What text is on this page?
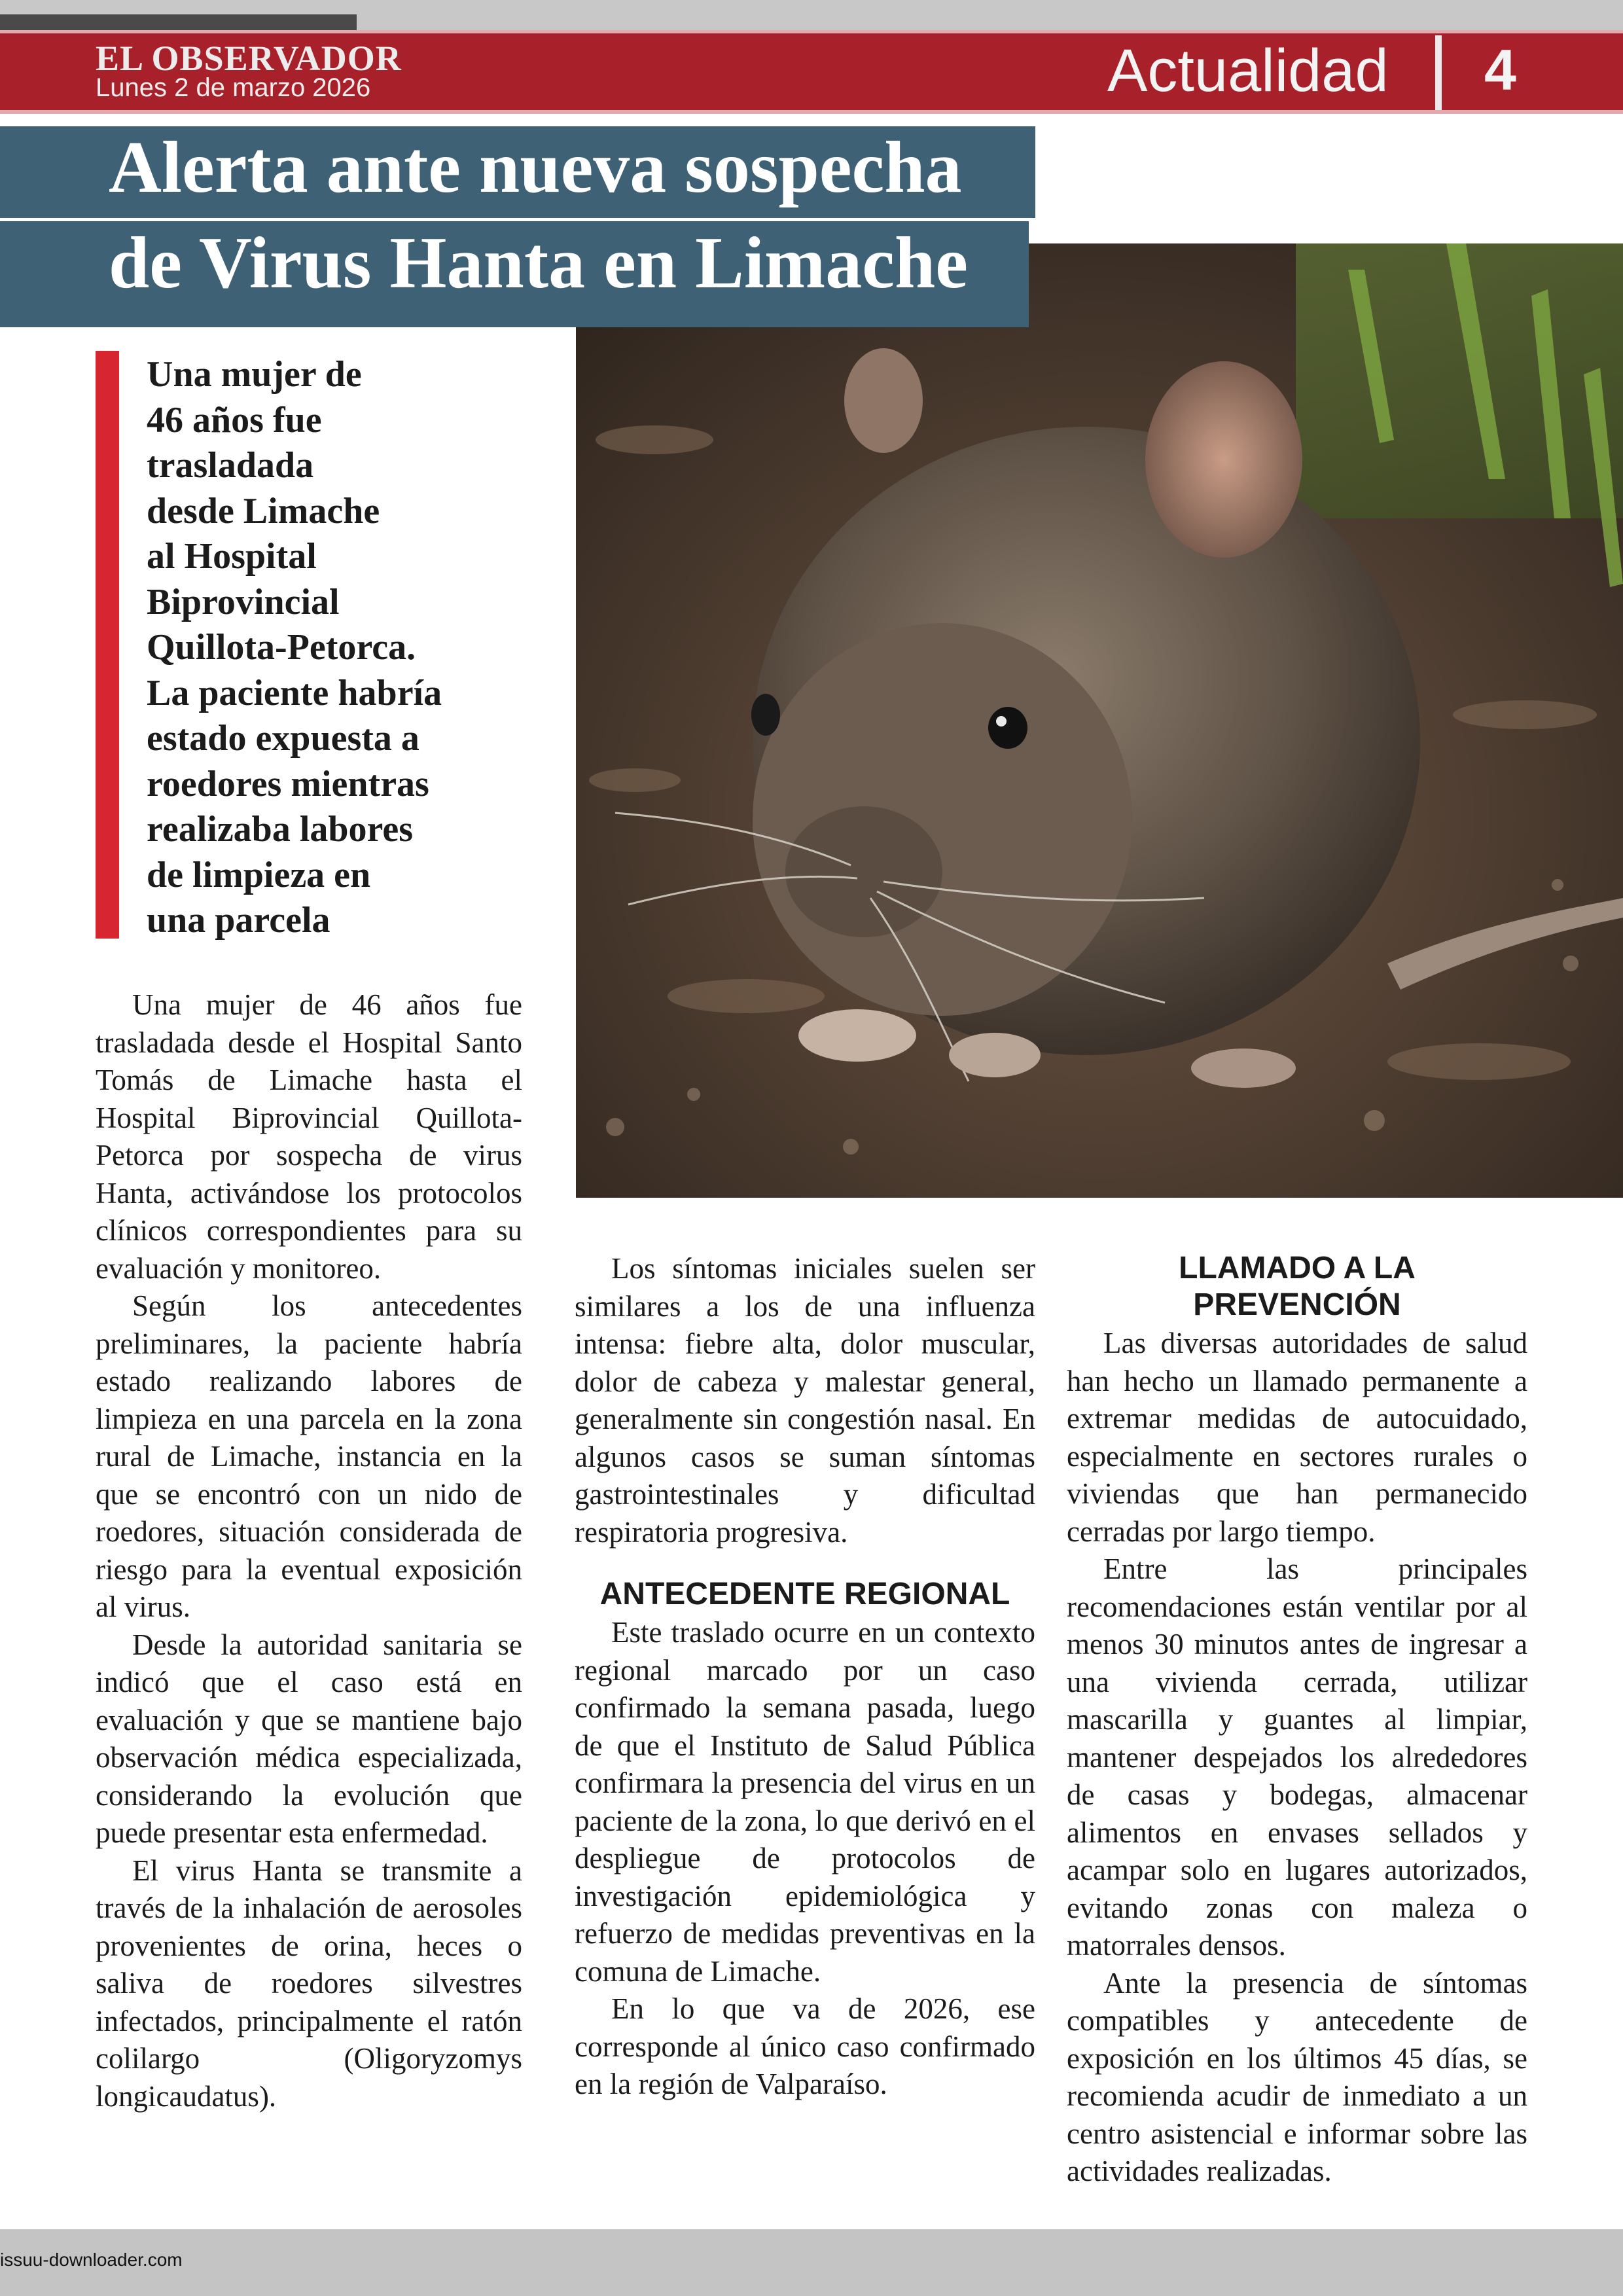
EL OBSERVADOR
Lunes 2 de marzo 2026	Actualidad 4
Alerta ante nueva sospecha
de Virus Hanta en Limache
Una mujer de
46 años fue
trasladada
desde Limache
al Hospital
Biprovincial
Quillota-Petorca.
La paciente habría
estado expuesta a
roedores mientras
realizaba labores
de limpieza en
una parcela

Una mujer de 46 años fue trasladada desde el Hospital Santo Tomás de Limache hasta el Hospital Biprovincial Quillota-Petorca por sospecha de virus Hanta, activándose los protocolos clínicos correspondientes para su evaluación y monitoreo.

Según los antecedentes preliminares, la paciente habría estado realizando labores de limpieza en una parcela en la zona rural de Limache, instancia en la que se encontró con un nido de roedores, situación considerada de riesgo para la eventual exposición al virus.

Desde la autoridad sanitaria se indicó que el caso está en evaluación y que se mantiene bajo observación médica especializada, considerando la evolución que puede presentar esta enfermedad.

El virus Hanta se transmite a través de la inhalación de aerosoles provenientes de orina, heces o saliva de roedores silvestres infectados, principalmente el ratón colilargo (Oligoryzomys longicaudatus).

Los síntomas iniciales suelen ser similares a los de una influenza intensa: fiebre alta, dolor muscular, dolor de cabeza y malestar general, generalmente sin congestión nasal. En algunos casos se suman síntomas gastrointestinales y dificultad respiratoria progresiva.

ANTECEDENTE REGIONAL

Este traslado ocurre en un contexto regional marcado por un caso confirmado la semana pasada, luego de que el Instituto de Salud Pública confirmara la presencia del virus en un paciente de la zona, lo que derivó en el despliegue de protocolos de investigación epidemiológica y refuerzo de medidas preventivas en la comuna de Limache.

En lo que va de 2026, ese corresponde al único caso confirmado en la región de Valparaíso.

LLAMADO A LA
PREVENCIÓN

Las diversas autoridades de salud han hecho un llamado permanente a extremar medidas de autocuidado, especialmente en sectores rurales o viviendas que han permanecido cerradas por largo tiempo.

Entre las principales recomendaciones están ventilar por al menos 30 minutos antes de ingresar a una vivienda cerrada, utilizar mascarilla y guantes al limpiar, mantener despejados los alrededores de casas y bodegas, almacenar alimentos en envases sellados y acampar solo en lugares autorizados, evitando zonas con maleza o matorrales densos.

Ante la presencia de síntomas compatibles y antecedente de exposición en los últimos 45 días, se recomienda acudir de inmediato a un centro asistencial e informar sobre las actividades realizadas.

issuu-downloader.com
